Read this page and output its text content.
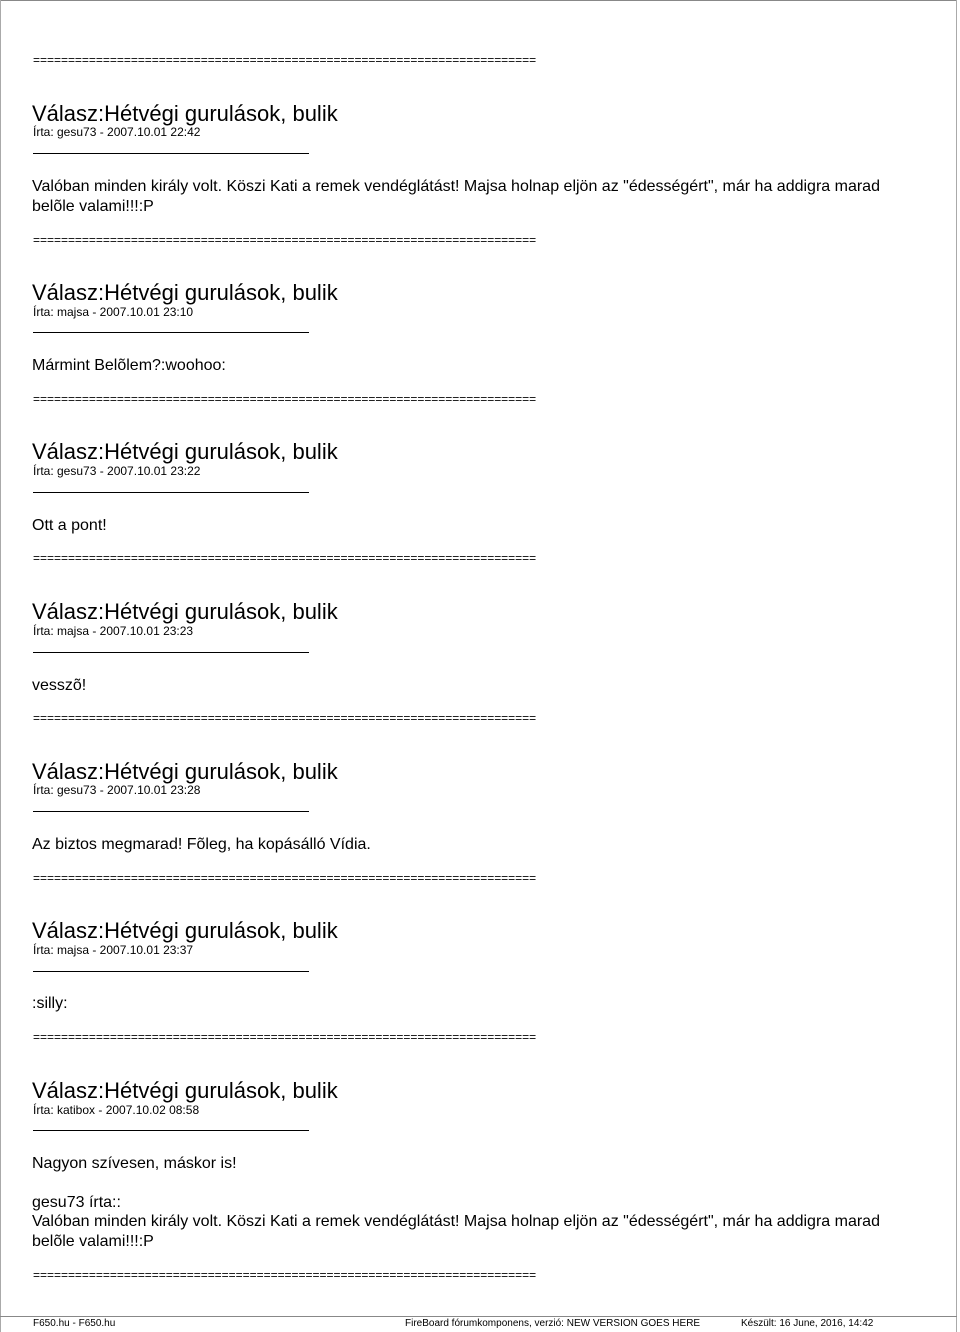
========================================================================
Válasz:Hétvégi gurulások, bulik
Írta: gesu73 - 2007.10.01 22:42
Valóban minden király volt. Köszi Kati a remek vendéglátást! Majsa holnap eljön az "édességért", már ha addigra marad belõle valami!!!:P
========================================================================
Válasz:Hétvégi gurulások, bulik
Írta: majsa - 2007.10.01 23:10
Mármint Belõlem?:woohoo:
========================================================================
Válasz:Hétvégi gurulások, bulik
Írta: gesu73 - 2007.10.01 23:22
Ott a pont!
========================================================================
Válasz:Hétvégi gurulások, bulik
Írta: majsa - 2007.10.01 23:23
vesszõ!
========================================================================
Válasz:Hétvégi gurulások, bulik
Írta: gesu73 - 2007.10.01 23:28
Az biztos megmarad! Fõleg, ha kopásálló Vídia.
========================================================================
Válasz:Hétvégi gurulások, bulik
Írta: majsa - 2007.10.01 23:37
:silly:
========================================================================
Válasz:Hétvégi gurulások, bulik
Írta: katibox - 2007.10.02 08:58
Nagyon szívesen, máskor is!
gesu73 írta::
Valóban minden király volt. Köszi Kati a remek vendéglátást! Majsa holnap eljön az "édességért", már ha addigra marad belõle valami!!!:P
========================================================================
F650.hu - F650.hu	FireBoard fórumkomponens, verzió: NEW VERSION GOES HERE	Készült: 16 June, 2016, 14:42
